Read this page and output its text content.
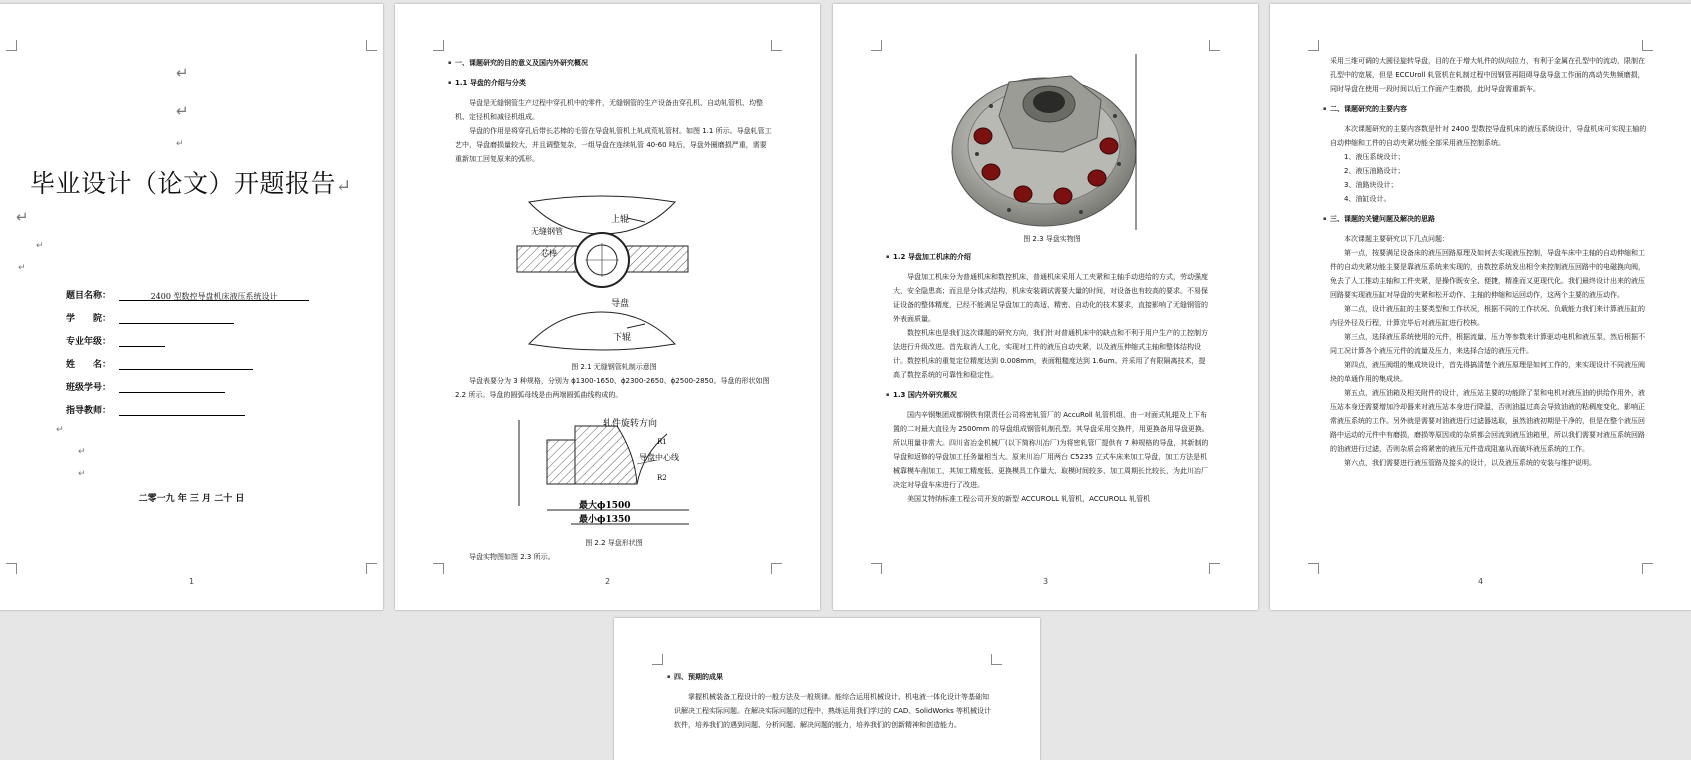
↵
↵
↵
毕业设计（论文）开题报告↵
↵
↵
↵
题目名称：	2400 型数控导盘机床液压系统设计
学　　院：
专业年级：
姓　　名：
班级学号：
指导教师：
↵
↵
↵
二零一九 年 三 月 二十 日
1

▪ 一、课题研究的目的意义及国内外研究概况

▪ 1.1 导盘的介绍与分类

导盘是无缝钢管生产过程中穿孔机中的零件，无缝钢管的生产设备由穿孔机、自动轧管机、均整机、定径机和减径机组成。

导盘的作用是将穿孔后带长芯棒的毛管在导盘轧管机上轧成荒轧管材。如图 1.1 所示。导盘轧管工艺中，导盘磨损量较大，并且调整复杂，一组导盘在连续轧管 40-60 吨后，导盘外圈磨损严重，需要重新加工回复原来的弧形。

上辊
无缝钢管
芯棒
导盘
下辊
图 2.1 无缝钢管轧制示意图

导盘表要分为 3 种规格，分别为 ϕ1300-1650、ϕ2300-2650、ϕ2500-2850。导盘的形状如图 2.2 所示。导盘的圆弧母线是由两端圆弧曲线构成的。

轧件旋转方向
导盘中心线
R1
R2
最大ϕ1500
最小ϕ1350
图 2.2 导盘形状图

导盘实物图如图 2.3 所示。

2
图 2.3 导盘实物图

▪ 1.2 导盘加工机床的介绍

导盘加工机床分为普通机床和数控机床，普通机床采用人工夹紧和主轴手动进给的方式，劳动强度大，安全隐患高；而且是分体式结构，机床安装调试需要大量的时间，对设备也有较高的要求。不易保证设备的整体精度，已经不能满足导盘加工的高适、精密、自动化的技术要求，直接影响了无缝钢管的外表面质量。

数控机床也是我们这次课题的研究方向，我们针对普通机床中的缺点和不利于用户生产的工控制方法进行升级改进。首先取消人工化，实现对工件的液压自动夹紧，以及液压伸缩式主轴和整体结构设计。数控机床的重复定位精度达到 0.008mm，表面粗糙度达到 1.6um。并采用了有限隔离技术，提高了数控系统的可靠性和稳定性。

▪ 1.3 国内外研究概况

国内辛钢集团成都钢铁有限责任公司将密轧管厂的 AccuRoll 轧管机组，由一对面式轧辊及上下布置的二对最大直径为 2500mm 的导盘组成钢管轧制孔型。其导盘采用交换件，用更换备用导盘更换。所以用量非常大。四川省冶金机械厂(以下简称川冶厂)为将密轧管厂提供有 7 种规格的导盘，其新制的导盘和返修的导盘加工任务量相当大。原来川冶厂用两台 C5235 立式车床来加工导盘，加工方法是机械靠模车削加工，其加工精度低、更换模具工作量大、取模时间较多、加工周期长比较长，为此川冶厂决定对导盘车床进行了改进。

美国艾特纳标准工程公司开发的新型 ACCUROLL 轧管机，ACCUROLL 轧管机

3

采用三维可调的大圆径旋转导盘，目的在于增大轧件的纵向拉力，有利于金属在孔型中的流动，限制在孔型中的宽展，但是 ECCUroll 轧管机在轧制过程中因钢管再阻碍导盘导盘工作面的高动失焦频磨损，同时导盘在使用一段时间以后工作面产生磨损，此时导盘需重新车。

▪ 二、课题研究的主要内容

本次课题研究的主要内容数是针对 2400 型数控导盘机床的液压系统设计，导盘机床可实现主轴的自动伸缩和工件的自动夹紧功能全部采用液压控制系统。

1、液压系统设计；

2、液压油路设计；

3、油路块设计；

4、油缸设计。

▪ 三、课题的关键问题及解决的思路

本次课题主要研究以下几点问题：

第一点，按要满足设备床的液压回路原理及如何去实现液压控制，导盘车床中主轴的自动伸缩和工件的自动夹紧功能主要是靠液压系统来实现的，由数控系统发出相令来控制液压回路中的电磁换向阀，免去了人工推动主轴和工件夹紧，是操作既安全、便捷，精准而又更现代化。我们最终设计出来的液压回路要实现液压缸对导盘的夹紧和松开动作、主轴的伸缩和运回动作，这两个主要的液压动作。

第二点，设计液压缸的主要类型和工作状况，根据不同的工作状况、负载能力我们来计算液压缸的内径外径及行程，计算完毕后对液压缸进行校核。

第三点，选择液压系统使用的元件，根据流量、压力等参数来计算驱动电机和液压泵，然后根据不同工况计算各个液压元件的流量及压力，来选择合适的液压元件。

第四点，液压阀组的集成块设计，首先得搞清楚个液压原理是如何工作的，来实现设计不同液压阀块的单通作用的集成块。

第五点，液压油箱及相关附件的设计，液压站主要的功能除了泵和电机对液压油的供给作用外，液压站本身还需要增加冷却器来对液压站本身进行降温，否则油温过高会导致油液的粘稠度变化，影响正常液压系统的工作。另外就是需要对油液进行过滤器选取，虽然油液初期是干净的，但是在整个液压回路中运动的元件中有磨损，磨损等原因或的杂质都会回流到液压油箱里，所以我们需要对液压系统回路的油液进行过滤，否则杂质会将紧密的液压元件造成阻塞从而破坏液压系统的工作。

第六点，我们需要进行液压管路及接头的设计，以及液压系统的安装与维护说明。

4

▪ 四、预期的成果

掌握机械装备工程设计的一般方法及一般规律。能综合运用机械设计、机电液一体化设计等基础知识解决工程实际问题。在解决实际问题的过程中，熟练运用我们学过的 CAD、SolidWorks 等机械设计软件，培养我们的遇到问题、分析问题、解决问题的能力，培养我们的创新精神和创造能力。
